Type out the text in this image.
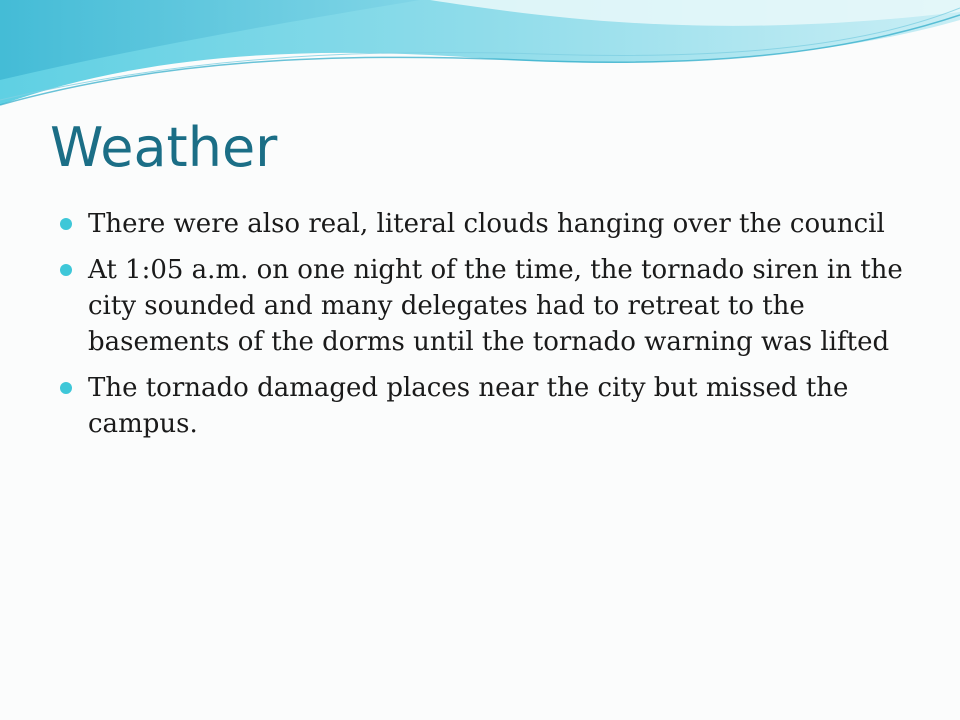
Weather
There were also real, literal clouds hanging over the council
At 1:05 a.m. on one night of the time, the tornado siren in the city sounded and many delegates had to retreat to the basements of the dorms until the tornado warning was lifted
The tornado damaged places near the city but missed the campus.
